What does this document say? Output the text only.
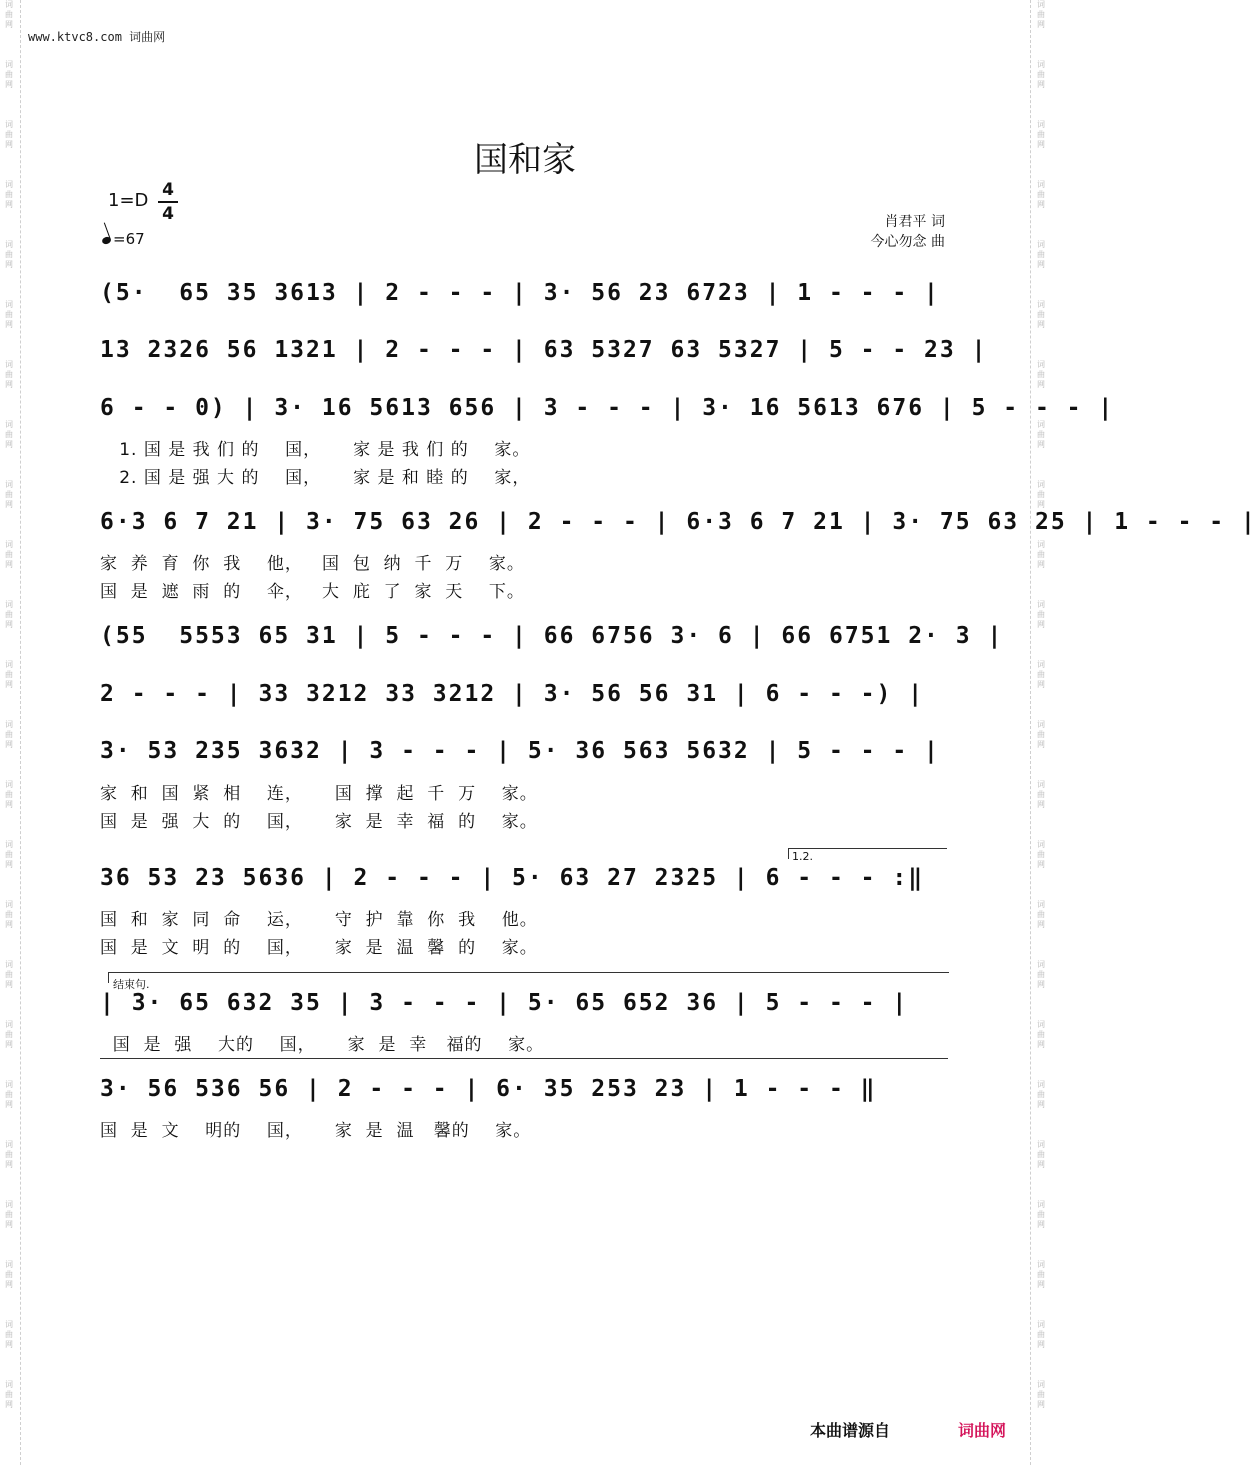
词
曲
网
词
曲
网
词
曲
网
词
曲
网
词
曲
网
词
曲
网
词
曲
网
词
曲
网
词
曲
网
词
曲
网
词
曲
网
词
曲
网
词
曲
网
词
曲
网
词
曲
网
词
曲
网
词
曲
网
词
曲
网
词
曲
网
词
曲
网
词
曲
网
词
曲
网
词
曲
网
词
曲
网
词
曲
网
词
曲
网
词
曲
网
词
曲
网
词
曲
网
词
曲
网
词
曲
网
词
曲
网
词
曲
网
词
曲
网
词
曲
网
词
曲
网
词
曲
网
词
曲
网
词
曲
网
词
曲
网
词
曲
网
词
曲
网
词
曲
网
词
曲
网
词
曲
网
词
曲
网
词
曲
网
词
曲
网
www.ktvc8.com 词曲网
国和家
1=D 4
4
=67
肖君平 词
今心勿念 曲
(5·  65 35 3613 | 2 - - - | 3· 56 23 6723 | 1 - - - |
13 2326 56 1321 | 2 - - - | 63 5327 63 5327 | 5 - - 23 |
6 - - 0) | 3· 16 5613 656 | 3 - - - | 3· 16 5613 676 | 5 - - - |
1. 国 是 我 们 的    国，     家 是 我 们 的    家。
2. 国 是 强 大 的    国，     家 是 和 睦 的    家，
6·3 6 7 21 | 3· 75 63 26 | 2 - - - | 6·3 6 7 21 | 3· 75 63 25 | 1 - - - |
家  养  育  你  我    他，   国  包  纳  千  万    家。
国  是  遮  雨  的    伞，   大  庇  了  家  天    下。
(55  5553 65 31 | 5 - - - | 66 6756 3· 6 | 66 6751 2· 3 |
2 - - - | 33 3212 33 3212 | 3· 56 56 31 | 6 - - -) |
3· 53 235 3632 | 3 - - - | 5· 36 563 5632 | 5 - - - |
家  和  国  紧  相    连，     国  撑  起  千  万    家。
国  是  强  大  的    国，     家  是  幸  福  的    家。
1.2.
36 53 23 5636 | 2 - - - | 5· 63 27 2325 | 6 - - - :‖
国  和  家  同  命    运，     守  护  靠  你  我    他。
国  是  文  明  的    国，     家  是  温  馨  的    家。
结束句.
| 3· 65 632 35 | 3 - - - | 5· 65 652 36 | 5 - - - |
国  是  强    大的    国，     家  是  幸   福的    家。
3· 56 536 56 | 2 - - - | 6· 35 253 23 | 1 - - - ‖
国  是  文    明的    国，     家  是  温   馨的    家。
本曲谱源自	词曲网
